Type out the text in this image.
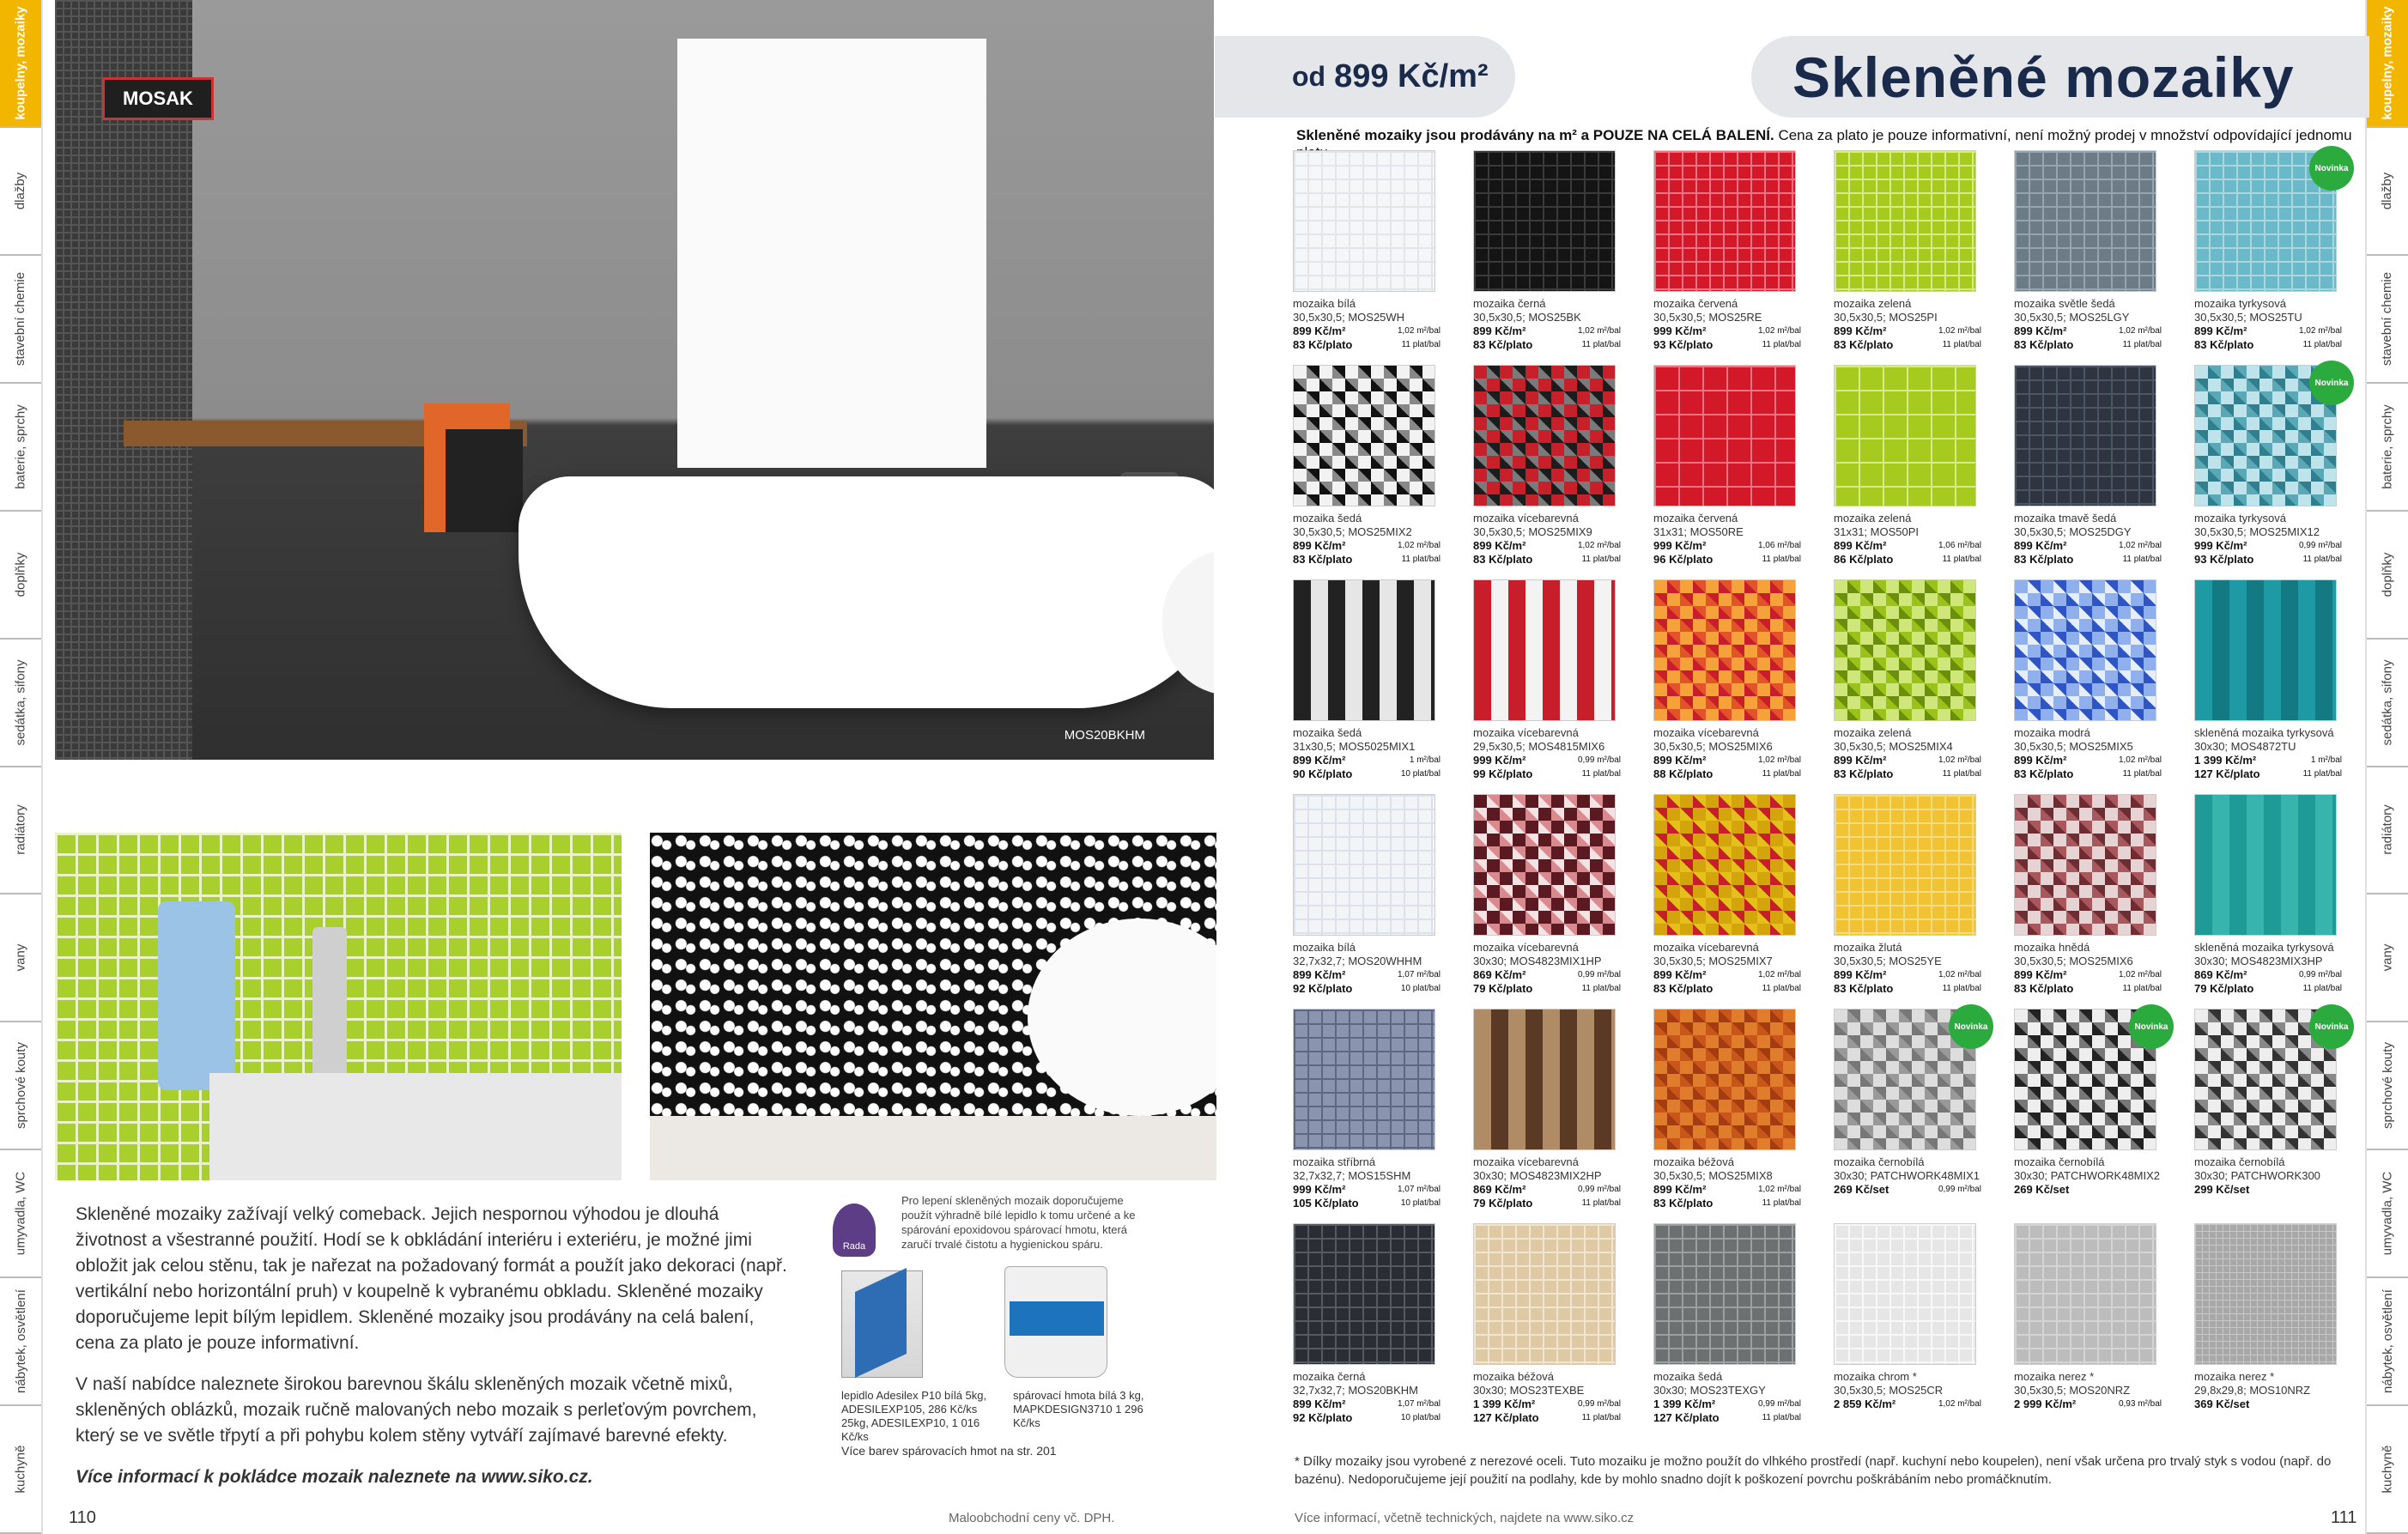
koupelny, mozaiky
dlažby
stavební chemie
baterie, sprchy
doplňky
sedátka, sifony
radiátory
vany
sprchové kouty
umyvadla, WC
nábytek, osvětlení
kuchyně
koupelny, mozaiky
dlažby
stavební chemie
baterie, sprchy
doplňky
sedátka, sifony
radiátory
vany
sprchové kouty
umyvadla, WC
nábytek, osvětlení
kuchyně
MOSAK
MOS20BKHM

Skleněné mozaiky zažívají velký comeback. Jejich nespornou výhodou je dlouhá životnost a všestranné použití. Hodí se k obkládání interiéru i exteriéru, je možné jimi obložit jak celou stěnu, tak je nařezat na požadovaný formát a použít jako dekoraci (např. vertikální nebo horizontální pruh) v koupelně k vybranému obkladu. Skleněné mozaiky doporučujeme lepit bílým lepidlem. Skleněné mozaiky jsou prodávány na celá balení, cena za plato je pouze informativní.

V naší nabídce naleznete širokou barevnou škálu skleněných mozaik včetně mixů, skleněných oblázků, mozaik ručně malovaných nebo mozaik s perleťovým povrchem, který se ve světle třpytí a při pohybu kolem stěny vytváří zajímavé barevné efekty.

Více informací k pokládce mozaik naleznete na www.siko.cz.

Rada
Pro lepení skleněných mozaik doporučujeme použít výhradně bílé lepidlo k tomu určené a ke spárování epoxidovou spárovací hmotu, která zaručí trvalé čistotu a hygienickou spáru.
lepidlo Adesilex P10 bílá 5kg, ADESILEXP105, 286 Kč/ks 25kg, ADESILEXP10, 1 016 Kč/ks
spárovací hmota bílá 3 kg, MAPKDESIGN3710 1 296 Kč/ks
Více barev spárovacích hmot na str. 201
110	Maloobchodní ceny vč. DPH.	Více informací, včetně technických, najdete na www.siko.cz	111
od 899 Kč/m²	Skleněné mozaiky
Skleněné mozaiky jsou prodávány na m² a POUZE NA CELÁ BALENÍ. Cena za plato je pouze informativní, není možný prodej v množství odpovídající jednomu
mozaika bílá
30,5x30,5; MOS25WH
899 Kč/m²	1,02 m²/bal
83 Kč/plato	11 plat/bal
mozaika černá
30,5x30,5; MOS25BK
899 Kč/m²	1,02 m²/bal
83 Kč/plato	11 plat/bal
mozaika červená
30,5x30,5; MOS25RE
999 Kč/m²	1,02 m²/bal
93 Kč/plato	11 plat/bal
mozaika zelená
30,5x30,5; MOS25PI
899 Kč/m²	1,02 m²/bal
83 Kč/plato	11 plat/bal
mozaika světle šedá
30,5x30,5; MOS25LGY
899 Kč/m²	1,02 m²/bal
83 Kč/plato	11 plat/bal
Novinka
mozaika tyrkysová
30,5x30,5; MOS25TU
899 Kč/m²	1,02 m²/bal
83 Kč/plato	11 plat/bal
mozaika šedá
30,5x30,5; MOS25MIX2
899 Kč/m²	1,02 m²/bal
83 Kč/plato	11 plat/bal
mozaika vícebarevná
30,5x30,5; MOS25MIX9
899 Kč/m²	1,02 m²/bal
83 Kč/plato	11 plat/bal
mozaika červená
31x31; MOS50RE
999 Kč/m²	1,06 m²/bal
96 Kč/plato	11 plat/bal
mozaika zelená
31x31; MOS50PI
899 Kč/m²	1,06 m²/bal
86 Kč/plato	11 plat/bal
mozaika tmavě šedá
30,5x30,5; MOS25DGY
899 Kč/m²	1,02 m²/bal
83 Kč/plato	11 plat/bal
Novinka
mozaika tyrkysová
30,5x30,5; MOS25MIX12
999 Kč/m²	0,99 m²/bal
93 Kč/plato	11 plat/bal
mozaika šedá
31x30,5; MOS5025MIX1
899 Kč/m²	1 m²/bal
90 Kč/plato	10 plat/bal
mozaika vícebarevná
29,5x30,5; MOS4815MIX6
999 Kč/m²	0,99 m²/bal
99 Kč/plato	11 plat/bal
mozaika vícebarevná
30,5x30,5; MOS25MIX6
899 Kč/m²	1,02 m²/bal
88 Kč/plato	11 plat/bal
mozaika zelená
30,5x30,5; MOS25MIX4
899 Kč/m²	1,02 m²/bal
83 Kč/plato	11 plat/bal
mozaika modrá
30,5x30,5; MOS25MIX5
899 Kč/m²	1,02 m²/bal
83 Kč/plato	11 plat/bal
skleněná mozaika tyrkysová
30x30; MOS4872TU
1 399 Kč/m²	1 m²/bal
127 Kč/plato	11 plat/bal
mozaika bílá
32,7x32,7; MOS20WHHM
899 Kč/m²	1,07 m²/bal
92 Kč/plato	10 plat/bal
mozaika vícebarevná
30x30; MOS4823MIX1HP
869 Kč/m²	0,99 m²/bal
79 Kč/plato	11 plat/bal
mozaika vícebarevná
30,5x30,5; MOS25MIX7
899 Kč/m²	1,02 m²/bal
83 Kč/plato	11 plat/bal
mozaika žlutá
30,5x30,5; MOS25YE
899 Kč/m²	1,02 m²/bal
83 Kč/plato	11 plat/bal
mozaika hnědá
30,5x30,5; MOS25MIX6
899 Kč/m²	1,02 m²/bal
83 Kč/plato	11 plat/bal
skleněná mozaika tyrkysová
30x30; MOS4823MIX3HP
869 Kč/m²	0,99 m²/bal
79 Kč/plato	11 plat/bal
mozaika stříbrná
32,7x32,7; MOS15SHM
999 Kč/m²	1,07 m²/bal
105 Kč/plato	10 plat/bal
mozaika vícebarevná
30x30; MOS4823MIX2HP
869 Kč/m²	0,99 m²/bal
79 Kč/plato	11 plat/bal
mozaika béžová
30,5x30,5; MOS25MIX8
899 Kč/m²	1,02 m²/bal
83 Kč/plato	11 plat/bal
Novinka
mozaika černobílá
30x30; PATCHWORK48MIX1
269 Kč/set	0,99 m²/bal
Novinka
mozaika černobílá
30x30; PATCHWORK48MIX2
269 Kč/set
Novinka
mozaika černobílá
30x30; PATCHWORK300
299 Kč/set
mozaika černá
32,7x32,7; MOS20BKHM
899 Kč/m²	1,07 m²/bal
92 Kč/plato	10 plat/bal
mozaika béžová
30x30; MOS23TEXBE
1 399 Kč/m²	0,99 m²/bal
127 Kč/plato	11 plat/bal
mozaika šedá
30x30; MOS23TEXGY
1 399 Kč/m²	0,99 m²/bal
127 Kč/plato	11 plat/bal
mozaika chrom *
30,5x30,5; MOS25CR
2 859 Kč/m²	1,02 m²/bal
mozaika nerez *
30,5x30,5; MOS20NRZ
2 999 Kč/m²	0,93 m²/bal
mozaika nerez *
29,8x29,8; MOS10NRZ
369 Kč/set
* Dílky mozaiky jsou vyrobené z nerezové oceli. Tuto mozaiku je možno použít do vlhkého prostředí (např. kuchyní nebo koupelen), není však určena pro trvalý styk s vodou (např. do bazénu). Nedoporučujeme její použití na podlahy, kde by mohlo snadno dojít k poškození povrchu poškrábáním nebo promáčknutím.
